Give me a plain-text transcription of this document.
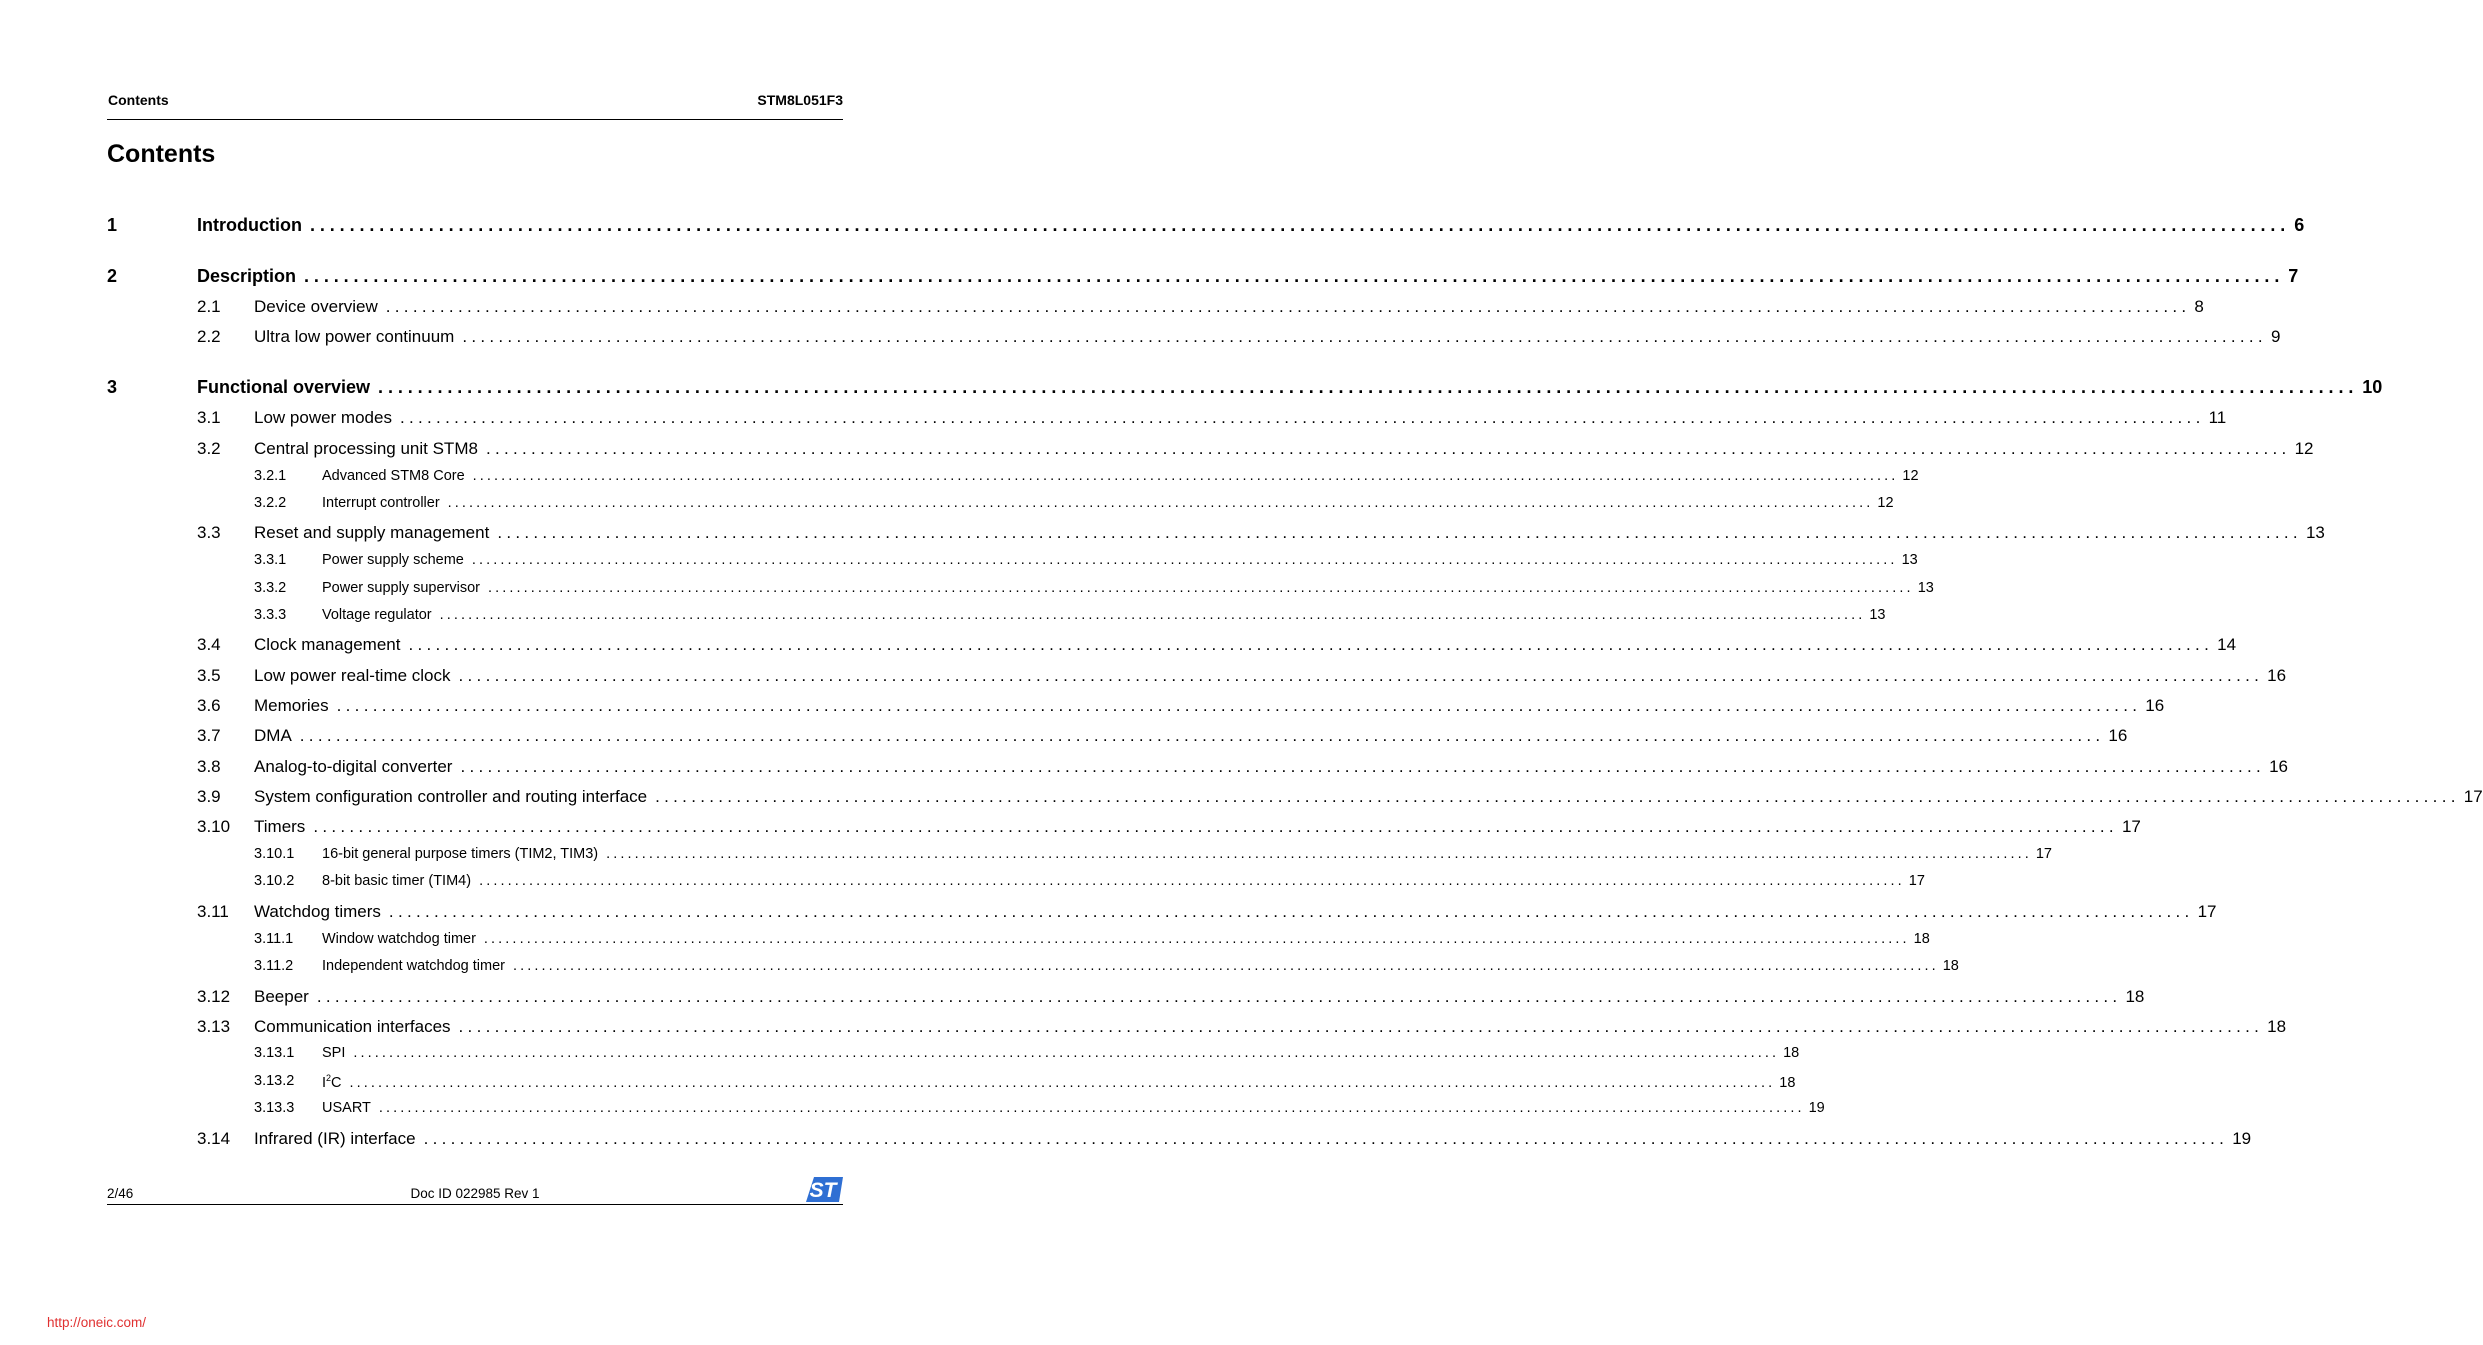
Contents	STM8L051F3
Contents
1	Introduction ........................................................................................................................................................................................................ 6
2	Description ........................................................................................................................................................................................................ 7
2.1 Device overview ........................................................................................................................................................................................................ 8
2.2 Ultra low power continuum ........................................................................................................................................................................................................ 9
3	Functional overview ........................................................................................................................................................................................................ 10
3.1 Low power modes ........................................................................................................................................................................................................ 11
3.2 Central processing unit STM8 ........................................................................................................................................................................................................ 12
3.2.1 Advanced STM8 Core ........................................................................................................................................................................................................ 12
3.2.2 Interrupt controller ........................................................................................................................................................................................................ 12
3.3 Reset and supply management ........................................................................................................................................................................................................ 13
3.3.1 Power supply scheme ........................................................................................................................................................................................................ 13
3.3.2 Power supply supervisor ........................................................................................................................................................................................................ 13
3.3.3 Voltage regulator ........................................................................................................................................................................................................ 13
3.4 Clock management ........................................................................................................................................................................................................ 14
3.5 Low power real-time clock ........................................................................................................................................................................................................ 16
3.6 Memories ........................................................................................................................................................................................................ 16
3.7 DMA ........................................................................................................................................................................................................ 16
3.8 Analog-to-digital converter ........................................................................................................................................................................................................ 16
3.9 System configuration controller and routing interface ........................................................................................................................................................................................................ 17
3.10 Timers ........................................................................................................................................................................................................ 17
3.10.1 16-bit general purpose timers (TIM2, TIM3) ........................................................................................................................................................................................................ 17
3.10.2 8-bit basic timer (TIM4) ........................................................................................................................................................................................................ 17
3.11 Watchdog timers ........................................................................................................................................................................................................ 17
3.11.1 Window watchdog timer ........................................................................................................................................................................................................ 18
3.11.2 Independent watchdog timer ........................................................................................................................................................................................................ 18
3.12 Beeper ........................................................................................................................................................................................................ 18
3.13 Communication interfaces ........................................................................................................................................................................................................ 18
3.13.1 SPI ........................................................................................................................................................................................................ 18
3.13.2 $I^2C$ ........................................................................................................................................................................................................ 18
3.13.3 USART ........................................................................................................................................................................................................ 19
3.14 Infrared (IR) interface ........................................................................................................................................................................................................ 19
2/46	Doc ID 022985 Rev 1	ST
http://oneic.com/
